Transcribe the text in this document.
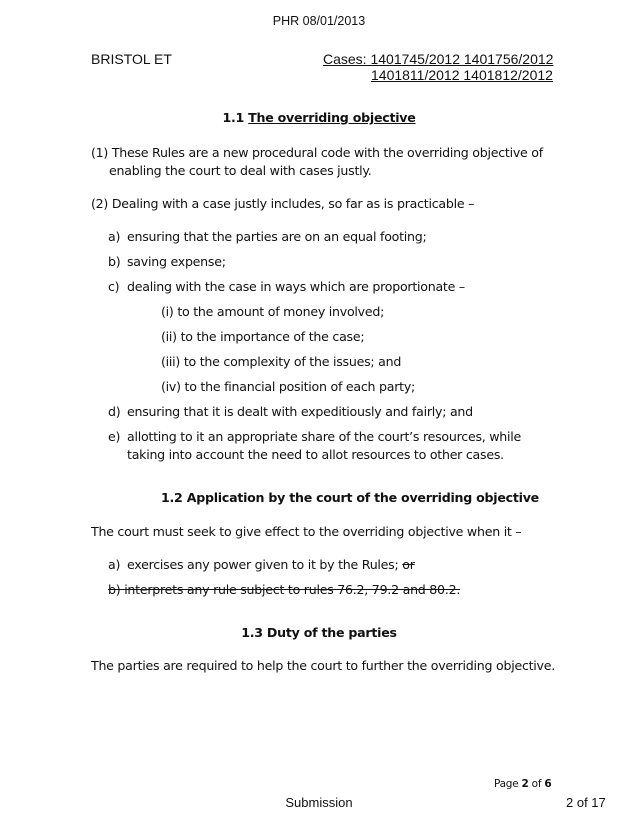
PHR 08/01/2013
BRISTOL ET	Cases: 1401745/2012 1401756/2012
1401811/2012 1401812/2012
1.1 The overriding objective
(1) These Rules are a new procedural code with the overriding objective of
enabling the court to deal with cases justly.
(2) Dealing with a case justly includes, so far as is practicable –
a) ensuring that the parties are on an equal footing;
b) saving expense;
c) dealing with the case in ways which are proportionate –
(i) to the amount of money involved;
(ii) to the importance of the case;
(iii) to the complexity of the issues; and
(iv) to the financial position of each party;
d) ensuring that it is dealt with expeditiously and fairly; and
e) allotting to it an appropriate share of the court’s resources, while
taking into account the need to allot resources to other cases.
1.2 Application by the court of the overriding objective
The court must seek to give effect to the overriding objective when it –
a) exercises any power given to it by the Rules; or
b) interprets any rule subject to rules 76.2, 79.2 and 80.2.
1.3 Duty of the parties
The parties are required to help the court to further the overriding objective.
Page 2 of 6
Submission	2 of 17
